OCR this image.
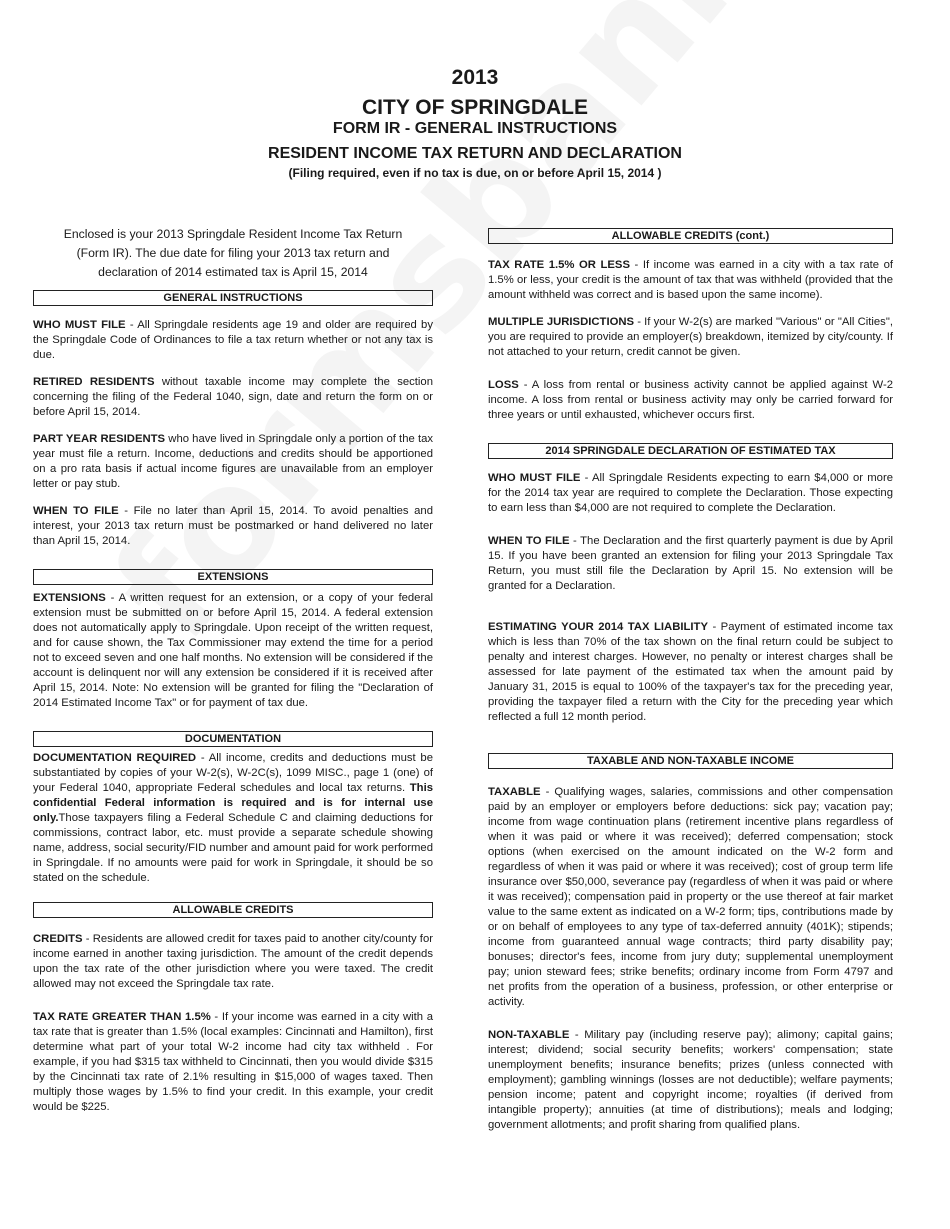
2013
CITY OF SPRINGDALE
FORM IR - GENERAL INSTRUCTIONS
RESIDENT INCOME TAX RETURN AND DECLARATION
(Filing required, even if no tax is due, on or before April 15, 2014 )

Enclosed is your 2013 Springdale Resident Income Tax Return (Form IR). The due date for filing your 2013 tax return and declaration of 2014 estimated tax is April 15, 2014

GENERAL INSTRUCTIONS

WHO MUST FILE - All Springdale residents age 19 and older are required by the Springdale Code of Ordinances to file a tax return whether or not any tax is due.

RETIRED RESIDENTS without taxable income may complete the section concerning the filing of the Federal 1040, sign, date and return the form on or before April 15, 2014.

PART YEAR RESIDENTS who have lived in Springdale only a portion of the tax year must file a return. Income, deductions and credits should be apportioned on a pro rata basis if actual income figures are unavailable from an employer letter or pay stub.

WHEN TO FILE - File no later than April 15, 2014. To avoid penalties and interest, your 2013 tax return must be postmarked or hand delivered no later than April 15, 2014.

EXTENSIONS

EXTENSIONS - A written request for an extension, or a copy of your federal extension must be submitted on or before April 15, 2014. A federal extension does not automatically apply to Springdale. Upon receipt of the written request, and for cause shown, the Tax Commissioner may extend the time for a period not to exceed seven and one half months. No extension will be considered if the account is delinquent nor will any extension be considered if it is received after April 15, 2014. Note: No extension will be granted for filing the "Declaration of 2014 Estimated Income Tax" or for payment of tax due.

DOCUMENTATION

DOCUMENTATION REQUIRED - All income, credits and deductions must be substantiated by copies of your W-2(s), W-2C(s), 1099 MISC., page 1 (one) of your Federal 1040, appropriate Federal schedules and local tax returns. This confidential Federal information is required and is for internal use only.Those taxpayers filing a Federal Schedule C and claiming deductions for commissions, contract labor, etc. must provide a separate schedule showing name, address, social security/FID number and amount paid for work performed in Springdale. If no amounts were paid for work in Springdale, it should be so stated on the schedule.

ALLOWABLE CREDITS

CREDITS - Residents are allowed credit for taxes paid to another city/county for income earned in another taxing jurisdiction. The amount of the credit depends upon the tax rate of the other jurisdiction where you were taxed. The credit allowed may not exceed the Springdale tax rate.

TAX RATE GREATER THAN 1.5% - If your income was earned in a city with a tax rate that is greater than 1.5% (local examples: Cincinnati and Hamilton), first determine what part of your total W-2 income had city tax withheld . For example, if you had $315 tax withheld to Cincinnati, then you would divide $315 by the Cincinnati tax rate of 2.1% resulting in $15,000 of wages taxed. Then multiply those wages by 1.5% to find your credit. In this example, your credit would be $225.

ALLOWABLE CREDITS (cont.)

TAX RATE 1.5% OR LESS - If income was earned in a city with a tax rate of 1.5% or less, your credit is the amount of tax that was withheld (provided that the amount withheld was correct and is based upon the same income).

MULTIPLE JURISDICTIONS - If your W-2(s) are marked "Various" or "All Cities", you are required to provide an employer(s) breakdown, itemized by city/county. If not attached to your return, credit cannot be given.

LOSS - A loss from rental or business activity cannot be applied against W-2 income. A loss from rental or business activity may only be carried forward for three years or until exhausted, whichever occurs first.

2014 SPRINGDALE DECLARATION OF ESTIMATED TAX

WHO MUST FILE - All Springdale Residents expecting to earn $4,000 or more for the 2014 tax year are required to complete the Declaration. Those expecting to earn less than $4,000 are not required to complete the Declaration.

WHEN TO FILE - The Declaration and the first quarterly payment is due by April 15. If you have been granted an extension for filing your 2013 Springdale Tax Return, you must still file the Declaration by April 15. No extension will be granted for a Declaration.

ESTIMATING YOUR 2014 TAX LIABILITY - Payment of estimated income tax which is less than 70% of the tax shown on the final return could be subject to penalty and interest charges. However, no penalty or interest charges shall be assessed for late payment of the estimated tax when the amount paid by January 31, 2015 is equal to 100% of the taxpayer's tax for the preceding year, providing the taxpayer filed a return with the City for the preceding year which reflected a full 12 month period.

TAXABLE AND NON-TAXABLE INCOME

TAXABLE - Qualifying wages, salaries, commissions and other compensation paid by an employer or employers before deductions: sick pay; vacation pay; income from wage continuation plans (retirement incentive plans regardless of when it was paid or where it was received); deferred compensation; stock options (when exercised on the amount indicated on the W-2 form and regardless of when it was paid or where it was received); cost of group term life insurance over $50,000, severance pay (regardless of when it was paid or where it was received); compensation paid in property or the use thereof at fair market value to the same extent as indicated on a W-2 form; tips, contributions made by or on behalf of employees to any type of tax-deferred annuity (401K); stipends; income from guaranteed annual wage contracts; third party disability pay; bonuses; director's fees, income from jury duty; supplemental unemployment pay; union steward fees; strike benefits; ordinary income from Form 4797 and net profits from the operation of a business, profession, or other enterprise or activity.

NON-TAXABLE - Military pay (including reserve pay); alimony; capital gains; interest; dividend; social security benefits; workers' compensation; state unemployment benefits; insurance benefits; prizes (unless connected with employment); gambling winnings (losses are not deductible); welfare payments; pension income; patent and copyright income; royalties (if derived from intangible property); annuities (at time of distributions); meals and lodging; government allotments; and profit sharing from qualified plans.
